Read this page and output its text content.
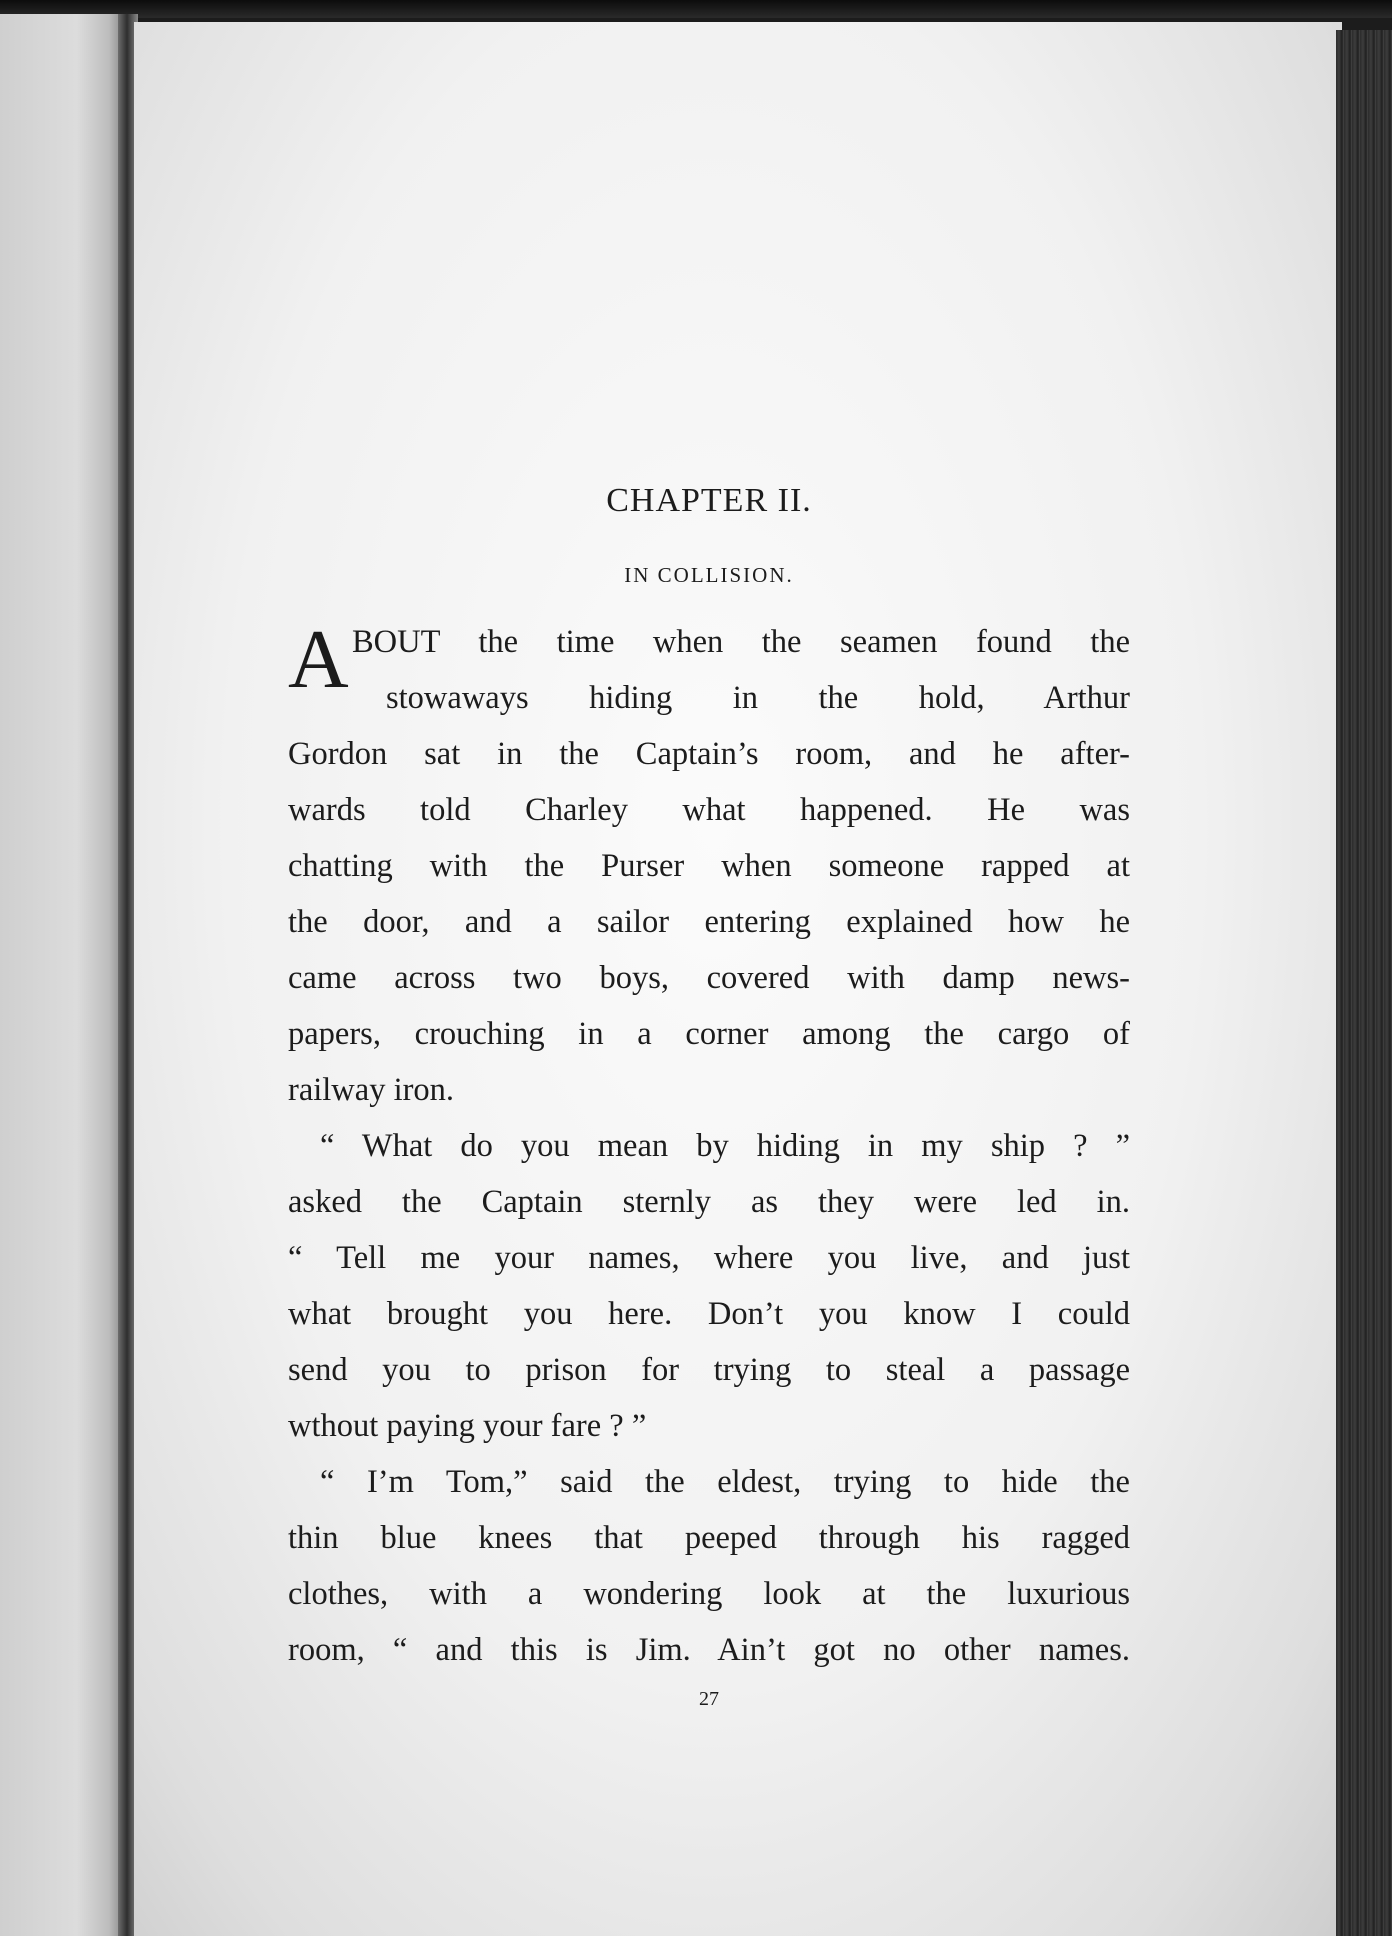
CHAPTER II.
IN COLLISION.
A BOUT the time when the seamen found the
stowaways hiding in the hold, Arthur
Gordon sat in the Captain’s room, and he after-
wards told Charley what happened. He was
chatting with the Purser when someone rapped at
the door, and a sailor entering explained how he
came across two boys, covered with damp news-
papers, crouching in a corner among the cargo of
railway iron.
“ What do you mean by hiding in my ship ? ”
asked the Captain sternly as they were led in.
“ Tell me your names, where you live, and just
what brought you here. Don’t you know I could
send you to prison for trying to steal a passage
wthout paying your fare ? ”
“ I’m Tom,” said the eldest, trying to hide the
thin blue knees that peeped through his ragged
clothes, with a wondering look at the luxurious
room, “ and this is Jim. Ain’t got no other names.
27
